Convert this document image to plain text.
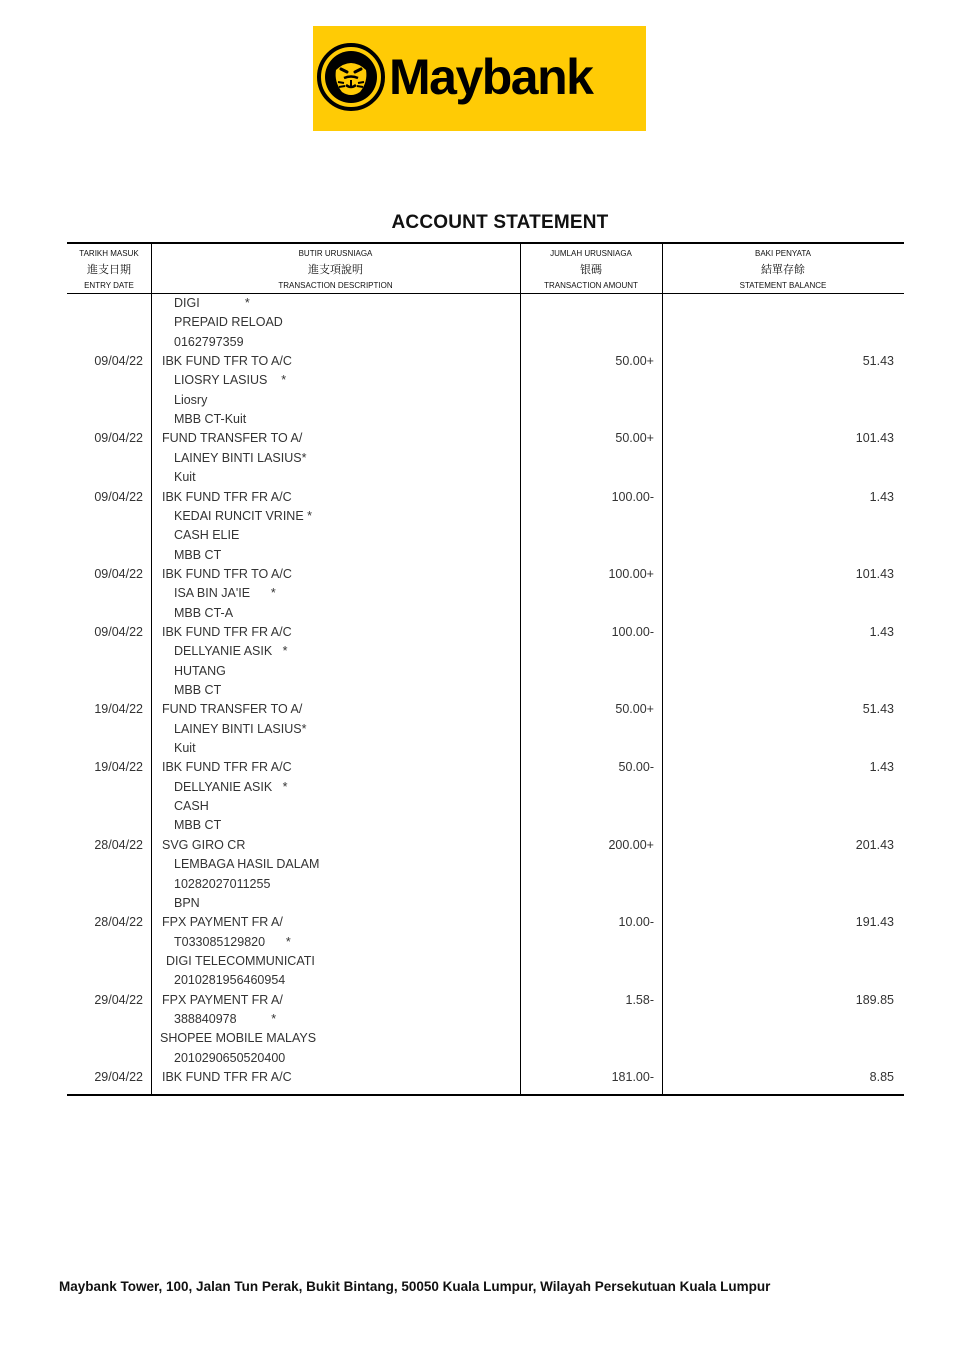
Maybank
ACCOUNT STATEMENT
TARIKH MASUK
進支日期
ENTRY DATE
BUTIR URUSNIAGA
進支項說明
TRANSACTION DESCRIPTION
JUMLAH URUSNIAGA
银碼
TRANSACTION AMOUNT
BAKI PENYATA
結單存餘
STATEMENT BALANCE
DIGI             *
PREPAID RELOAD
0162797359
09/04/22 IBK FUND TFR TO A/C	50.00+	51.43
LIOSRY LASIUS    *
Liosry
MBB CT-Kuit
09/04/22 FUND TRANSFER TO A/	50.00+	101.43
LAINEY BINTI LASIUS*
Kuit
09/04/22 IBK FUND TFR FR A/C	100.00-	1.43
KEDAI RUNCIT VRINE *
CASH ELIE
MBB CT
09/04/22 IBK FUND TFR TO A/C	100.00+	101.43
ISA BIN JA'IE      *
MBB CT-A
09/04/22 IBK FUND TFR FR A/C	100.00-	1.43
DELLYANIE ASIK   *
HUTANG
MBB CT
19/04/22 FUND TRANSFER TO A/	50.00+	51.43
LAINEY BINTI LASIUS*
Kuit
19/04/22 IBK FUND TFR FR A/C	50.00-	1.43
DELLYANIE ASIK   *
CASH
MBB CT
28/04/22 SVG GIRO CR	200.00+	201.43
LEMBAGA HASIL DALAM
10282027011255
BPN
28/04/22 FPX PAYMENT FR A/	10.00-	191.43
T033085129820      *
DIGI TELECOMMUNICATI
2010281956460954
29/04/22 FPX PAYMENT FR A/	1.58-	189.85
388840978          *
SHOPEE MOBILE MALAYS
2010290650520400
29/04/22 IBK FUND TFR FR A/C	181.00-	8.85
Maybank Tower, 100, Jalan Tun Perak, Bukit Bintang, 50050 Kuala Lumpur, Wilayah Persekutuan Kuala Lumpur
